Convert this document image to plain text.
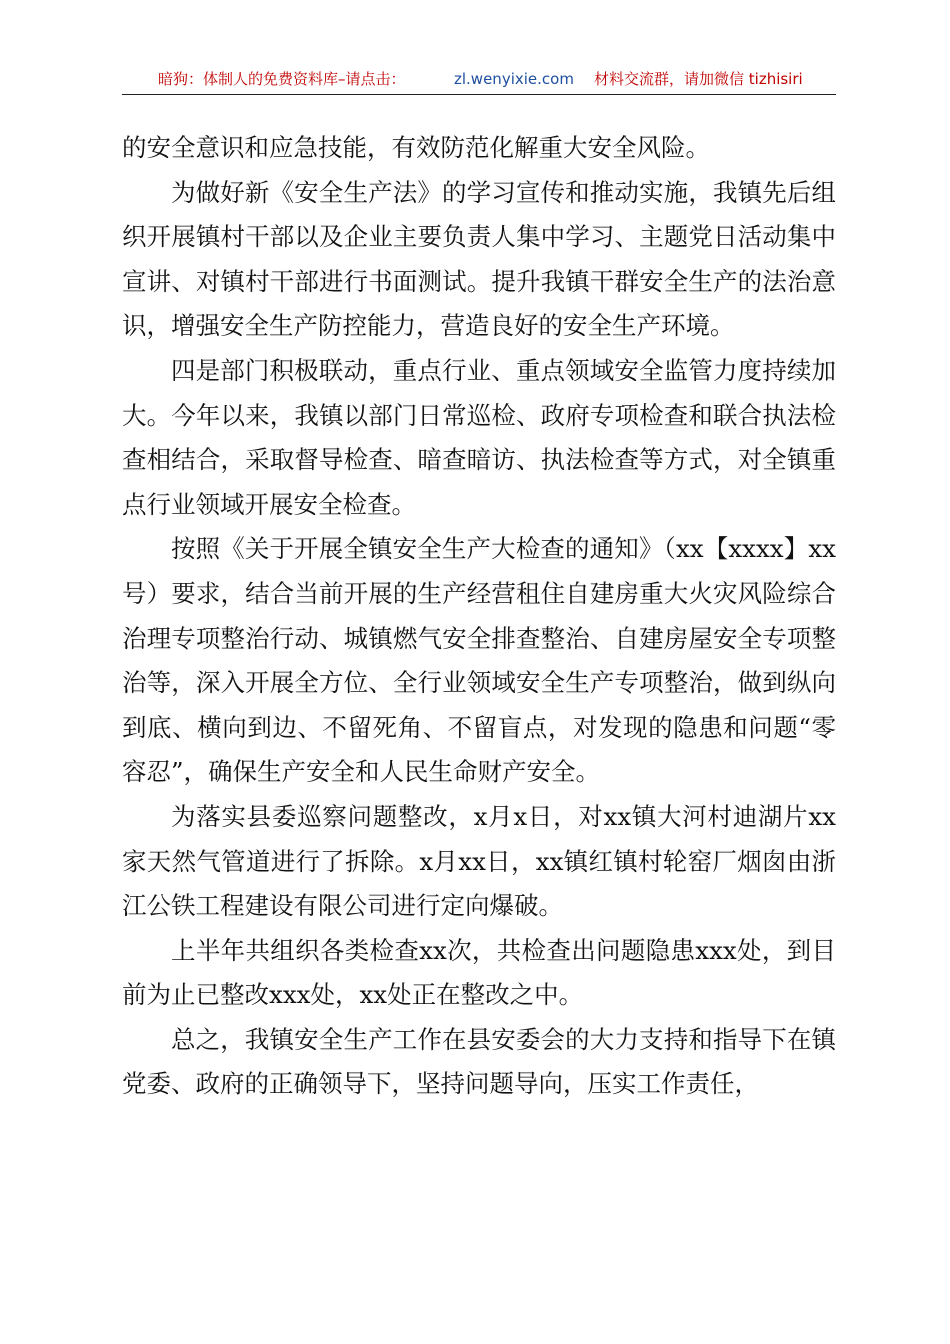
暗狗：体制人的免费资料库–请点击：	zl.wenyixie.com 材料交流群，请加微信 tizhisiri

的安全意识和应急技能，有效防范化解重大安全风险。

为做好新《安全生产法》的学习宣传和推动实施，我镇先后组织开展镇村干部以及企业主要负责人集中学习、主题党日活动集中宣讲、对镇村干部进行书面测试。提升我镇干群安全生产的法治意识，增强安全生产防控能力，营造良好的安全生产环境。

四是部门积极联动，重点行业、重点领域安全监管力度持续加大。今年以来，我镇以部门日常巡检、政府专项检查和联合执法检查相结合，采取督导检查、暗查暗访、执法检查等方式，对全镇重点行业领域开展安全检查。

按照《关于开展全镇安全生产大检查的通知》（xx【xxxx】xx号）要求，结合当前开展的生产经营租住自建房重大火灾风险综合治理专项整治行动、城镇燃气安全排查整治、自建房屋安全专项整治等，深入开展全方位、全行业领域安全生产专项整治，做到纵向到底、横向到边、不留死角、不留盲点，对发现的隐患和问题“零容忍”，确保生产安全和人民生命财产安全。

为落实县委巡察问题整改，x月x日，对xx镇大河村迪湖片xx家天然气管道进行了拆除。x月xx日，xx镇红镇村轮窑厂烟囱由浙江公铁工程建设有限公司进行定向爆破。

上半年共组织各类检查xx次，共检查出问题隐患xxx处，到目前为止已整改xxx处，xx处正在整改之中。

总之，我镇安全生产工作在县安委会的大力支持和指导下在镇党委、政府的正确领导下，坚持问题导向，压实工作责任，
